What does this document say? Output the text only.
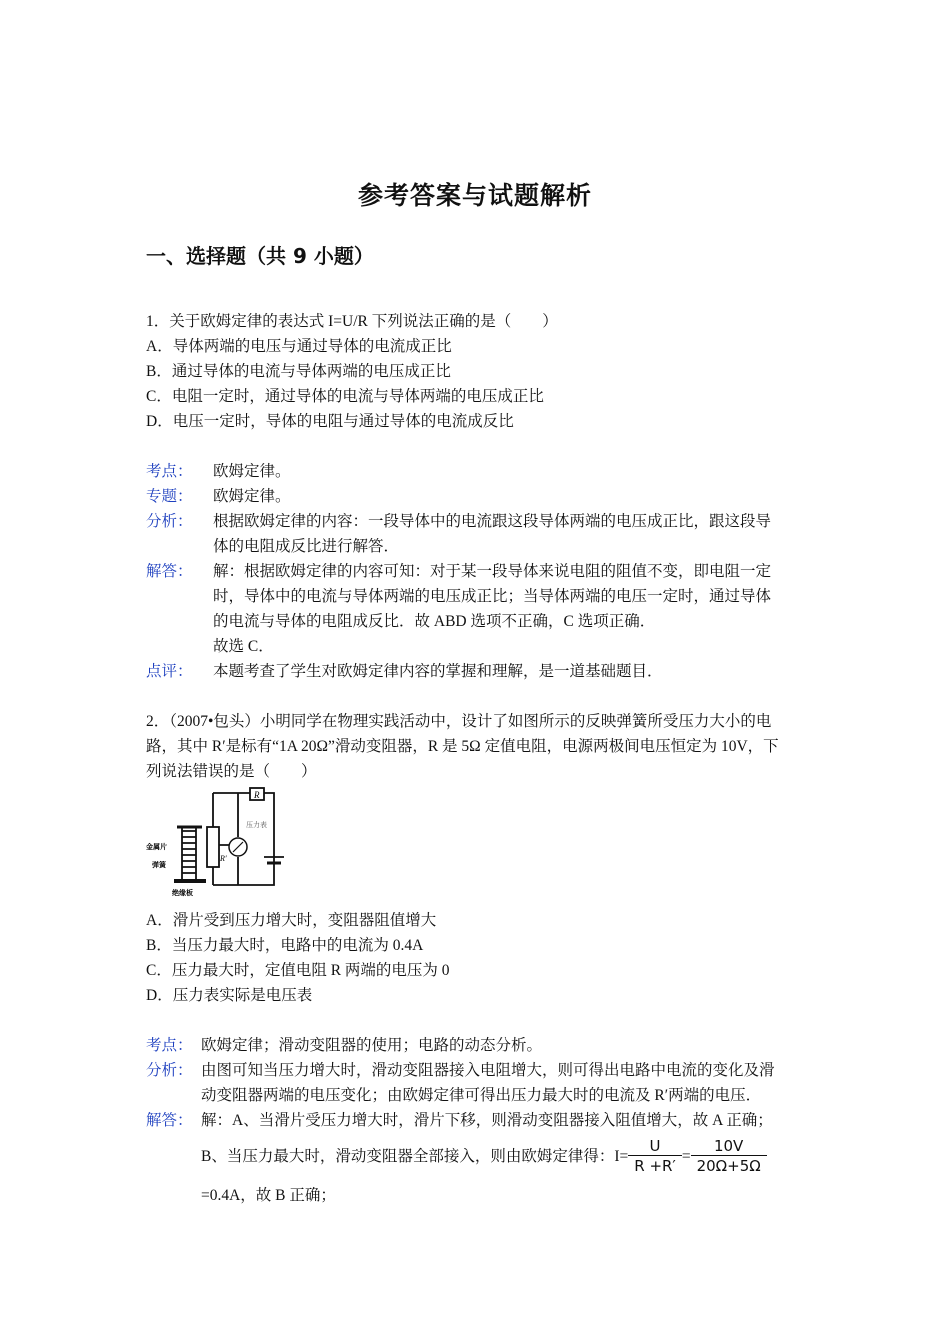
参考答案与试题解析
一、选择题（共 9 小题）
1．关于欧姆定律的表达式 I=U/R 下列说法正确的是（　　）
A．导体两端的电压与通过导体的电流成正比
B．通过导体的电流与导体两端的电压成正比
C．电阻一定时，通过导体的电流与导体两端的电压成正比
D．电压一定时，导体的电阻与通过导体的电流成反比
考点： 欧姆定律。
专题： 欧姆定律。
分析： 根据欧姆定律的内容：一段导体中的电流跟这段导体两端的电压成正比，跟这段导
体的电阻成反比进行解答．
解答： 解：根据欧姆定律的内容可知：对于某一段导体来说电阻的阻值不变，即电阻一定
时，导体中的电流与导体两端的电压成正比；当导体两端的电压一定时，通过导体
的电流与导体的电阻成反比．故 ABD 选项不正确，C 选项正确．
故选 C．
点评： 本题考查了学生对欧姆定律内容的掌握和理解，是一道基础题目．
2．（2007•包头）小明同学在物理实践活动中，设计了如图所示的反映弹簧所受压力大小的电
路，其中 R′是标有“1A 20Ω”滑动变阻器，R 是 5Ω 定值电阻，电源两极间电压恒定为 10V，下
列说法错误的是（　　）
R
R′
压力表
金属片
弹簧
绝缘板
A．滑片受到压力增大时，变阻器阻值增大
B．当压力最大时，电路中的电流为 0.4A
C．压力最大时，定值电阻 R 两端的电压为 0
D．压力表实际是电压表
考点： 欧姆定律；滑动变阻器的使用；电路的动态分析。
分析： 由图可知当压力增大时，滑动变阻器接入电阻增大，则可得出电路中电流的变化及滑
动变阻器两端的电压变化；由欧姆定律可得出压力最大时的电流及 R′两端的电压．
解答： 解：A、当滑片受压力增大时，滑片下移，则滑动变阻器接入阻值增大，故 A 正确；
B、当压力最大时，滑动变阻器全部接入，则由欧姆定律得：$I= \frac{U}{R +R'} = \frac{10V}{20\Omega+5\Omega}$
=0.4A，故 B 正确；
